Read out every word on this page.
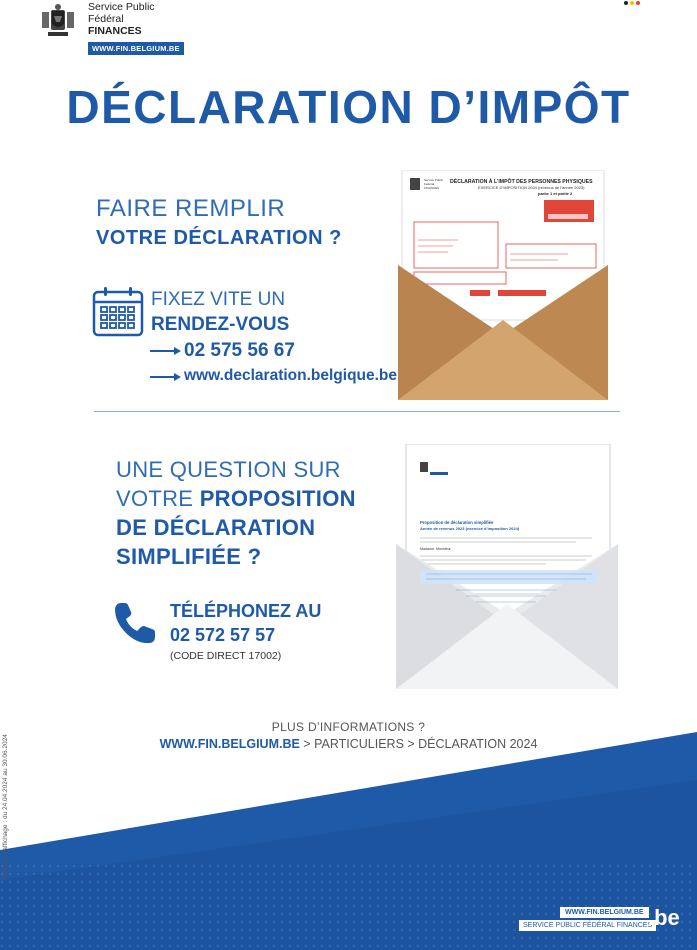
Service Public
Fédéral
FINANCES
WWW.FIN.BELGIUM.BE
DÉCLARATION D’IMPÔT
FAIRE REMPLIR
VOTRE DÉCLARATION ?
FIXEZ VITE UN
RENDEZ-VOUS
02 575 56 67
www.declaration.belgique.be
Service Public
Fédéral
FINANCES
DÉCLARATION À L’IMPÔT DES PERSONNES PHYSIQUES
EXERCICE D’IMPOSITION 2024 (revenus de l’année 2023)
partie 1 et partie 2
UNE QUESTION SUR
VOTRE PROPOSITION
DE DÉCLARATION
SIMPLIFIÉE ?
TÉLÉPHONEZ AU
02 572 57 57
(CODE DIRECT 17002)
Proposition de déclaration simplifiée
Année de revenus 2023 (exercice d’imposition 2024)
Madame, Monsieur,
PLUS D’INFORMATIONS ?
WWW.FIN.BELGIUM.BE > PARTICULIERS > DÉCLARATION 2024
Période d’affichage : du 24.04.2024 au 30.06.2024
WWW.FIN.BELGIUM.BE
SERVICE PUBLIC FÉDÉRAL FINANCES
.be
